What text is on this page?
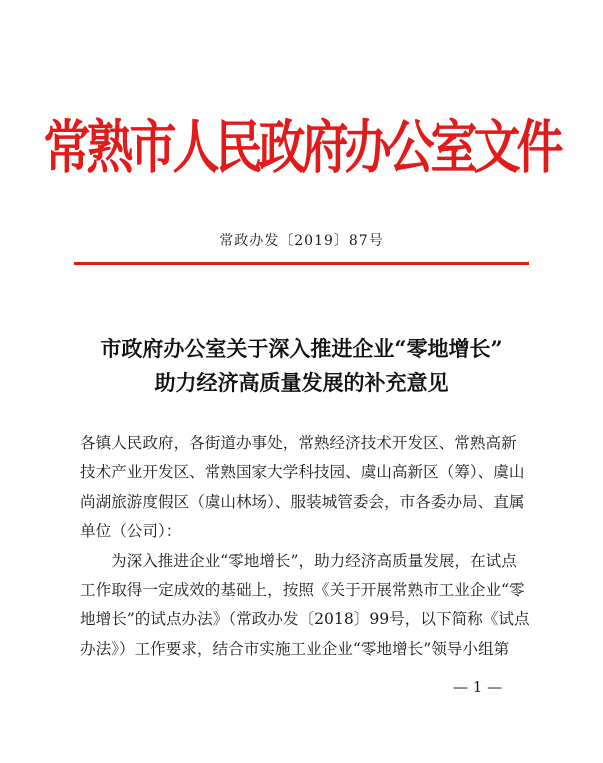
常熟市人民政府办公室文件
常政办发〔2019〕87号
市政府办公室关于深入推进企业“零地增长”
助力经济高质量发展的补充意见
各镇人民政府，各街道办事处，常熟经济技术开发区、常熟高新
技术产业开发区、常熟国家大学科技园、虞山高新区（筹）、虞山
尚湖旅游度假区（虞山林场）、服装城管委会，市各委办局、直属
单位（公司）：
为深入推进企业“零地增长”，助力经济高质量发展，在试点
工作取得一定成效的基础上，按照《关于开展常熟市工业企业“零
地增长”的试点办法》（常政办发〔2018〕99号，以下简称《试点
办法》）工作要求，结合市实施工业企业“零地增长”领导小组第
— 1 —
